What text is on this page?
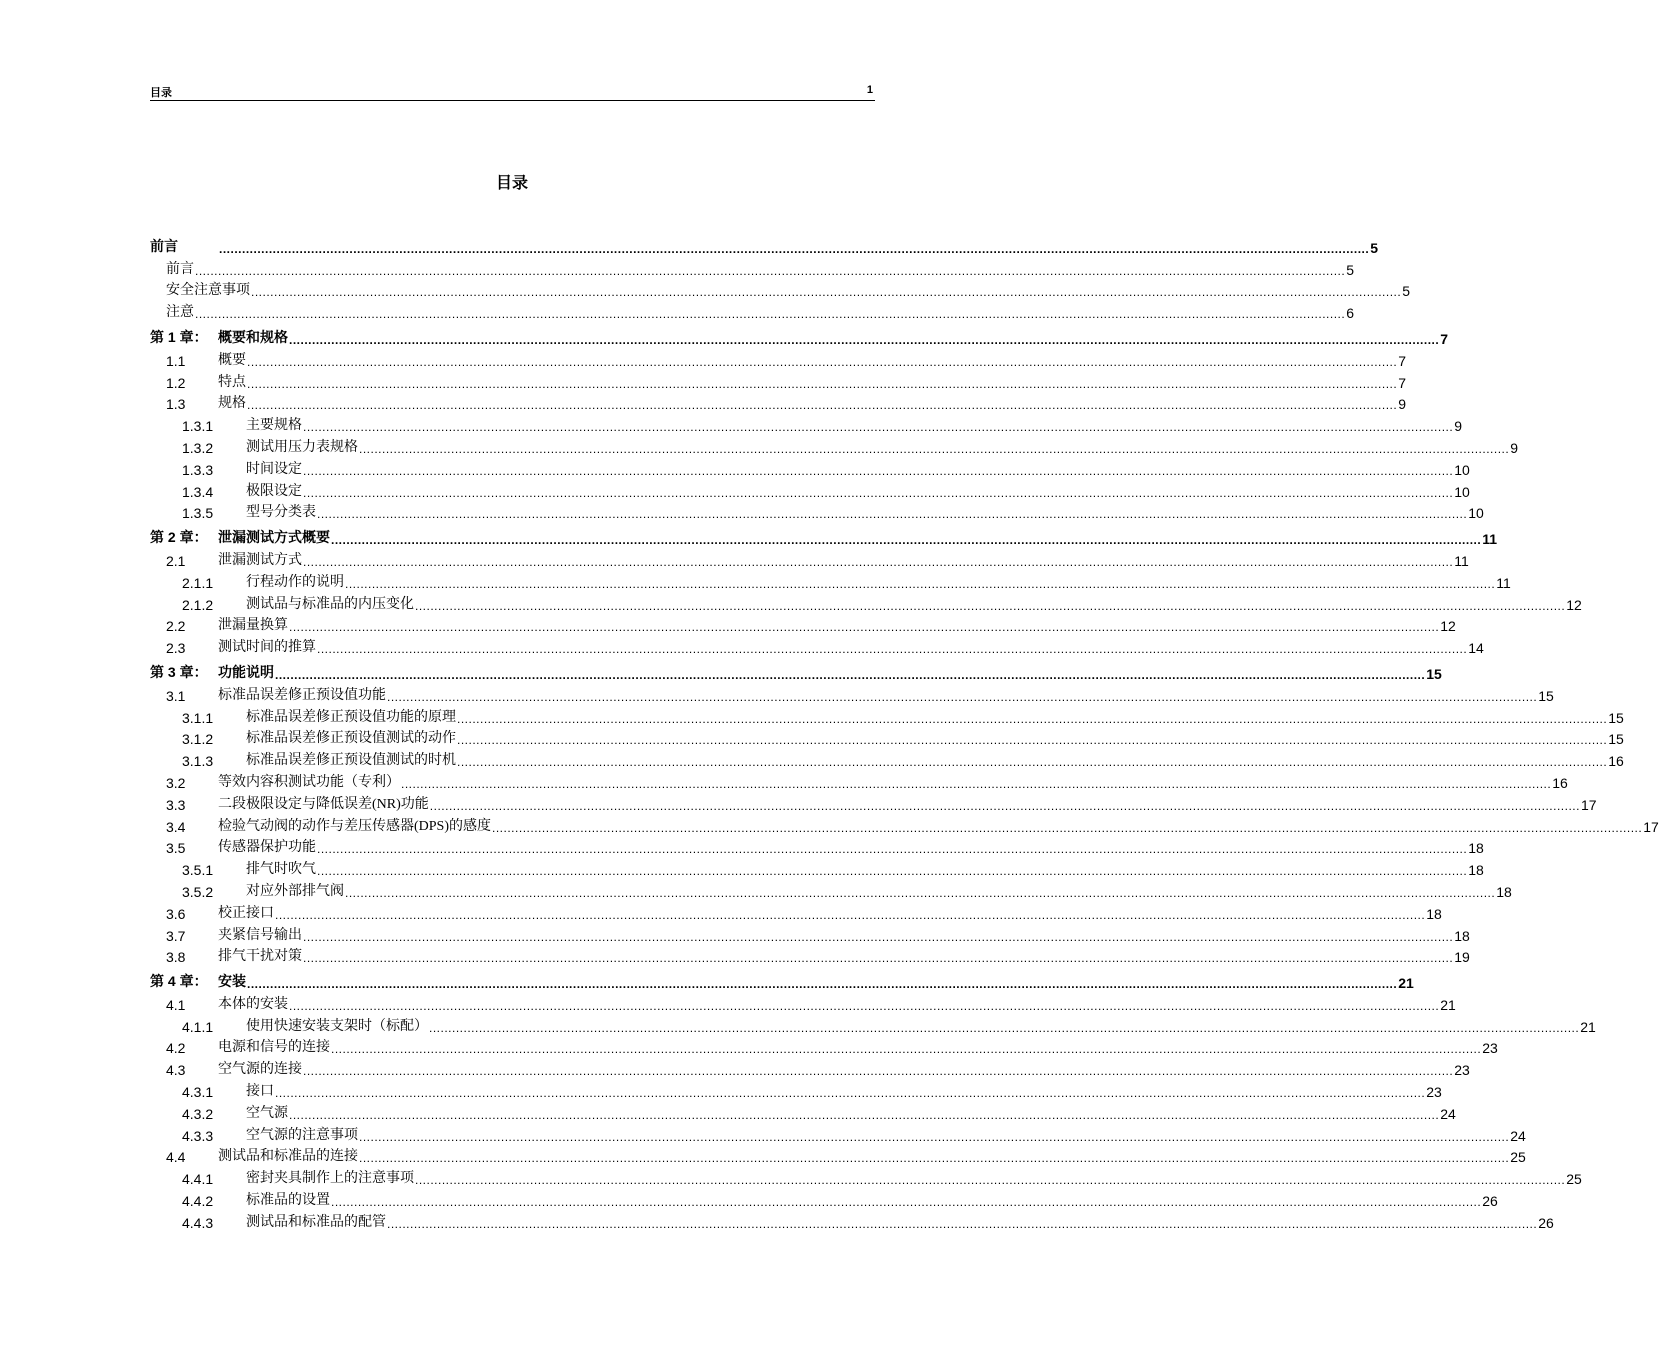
目录	1
目录
前言	............................................................................................................................................................................................................................................................................................................ 5
前言 ............................................................................................................................................................................................................................................................................................................ 5
安全注意事项 ............................................................................................................................................................................................................................................................................................................ 5
注意 ............................................................................................................................................................................................................................................................................................................ 6
第 1 章： 概要和规格 ............................................................................................................................................................................................................................................................................................................ 7
1.1	概要 ............................................................................................................................................................................................................................................................................................................ 7
1.2	特点 ............................................................................................................................................................................................................................................................................................................ 7
1.3	规格 ............................................................................................................................................................................................................................................................................................................ 9
1.3.1	主要规格 ............................................................................................................................................................................................................................................................................................................ 9
1.3.2	测试用压力表规格 ............................................................................................................................................................................................................................................................................................................ 9
1.3.3	时间设定 ............................................................................................................................................................................................................................................................................................................ 10
1.3.4	极限设定 ............................................................................................................................................................................................................................................................................................................ 10
1.3.5	型号分类表 ............................................................................................................................................................................................................................................................................................................ 10
第 2 章： 泄漏测试方式概要 ............................................................................................................................................................................................................................................................................................................ 11
2.1	泄漏测试方式 ............................................................................................................................................................................................................................................................................................................ 11
2.1.1	行程动作的说明 ............................................................................................................................................................................................................................................................................................................ 11
2.1.2	测试品与标准品的内压变化 ............................................................................................................................................................................................................................................................................................................ 12
2.2	泄漏量换算 ............................................................................................................................................................................................................................................................................................................ 12
2.3	测试时间的推算 ............................................................................................................................................................................................................................................................................................................ 14
第 3 章： 功能说明 ............................................................................................................................................................................................................................................................................................................ 15
3.1	标准品误差修正预设值功能 ............................................................................................................................................................................................................................................................................................................ 15
3.1.1	标准品误差修正预设值功能的原理 ............................................................................................................................................................................................................................................................................................................ 15
3.1.2	标准品误差修正预设值测试的动作 ............................................................................................................................................................................................................................................................................................................ 15
3.1.3	标准品误差修正预设值测试的时机 ............................................................................................................................................................................................................................................................................................................ 16
3.2	等效内容积测试功能（专利） ............................................................................................................................................................................................................................................................................................................ 16
3.3	二段极限设定与降低误差(NR)功能 ............................................................................................................................................................................................................................................................................................................ 17
3.4	检验气动阀的动作与差压传感器(DPS)的感度 ............................................................................................................................................................................................................................................................................................................ 17
3.5	传感器保护功能 ............................................................................................................................................................................................................................................................................................................ 18
3.5.1	排气时吹气 ............................................................................................................................................................................................................................................................................................................ 18
3.5.2	对应外部排气阀 ............................................................................................................................................................................................................................................................................................................ 18
3.6	校正接口 ............................................................................................................................................................................................................................................................................................................ 18
3.7	夹紧信号输出 ............................................................................................................................................................................................................................................................................................................ 18
3.8	排气干扰对策 ............................................................................................................................................................................................................................................................................................................ 19
第 4 章： 安装 ............................................................................................................................................................................................................................................................................................................ 21
4.1	本体的安装 ............................................................................................................................................................................................................................................................................................................ 21
4.1.1	使用快速安装支架时（标配） ............................................................................................................................................................................................................................................................................................................ 21
4.2	电源和信号的连接 ............................................................................................................................................................................................................................................................................................................ 23
4.3	空气源的连接 ............................................................................................................................................................................................................................................................................................................ 23
4.3.1	接口 ............................................................................................................................................................................................................................................................................................................ 23
4.3.2	空气源 ............................................................................................................................................................................................................................................................................................................ 24
4.3.3	空气源的注意事项 ............................................................................................................................................................................................................................................................................................................ 24
4.4	测试品和标准品的连接 ............................................................................................................................................................................................................................................................................................................ 25
4.4.1	密封夹具制作上的注意事项 ............................................................................................................................................................................................................................................................................................................ 25
4.4.2	标准品的设置 ............................................................................................................................................................................................................................................................................................................ 26
4.4.3	测试品和标准品的配管 ............................................................................................................................................................................................................................................................................................................ 26
